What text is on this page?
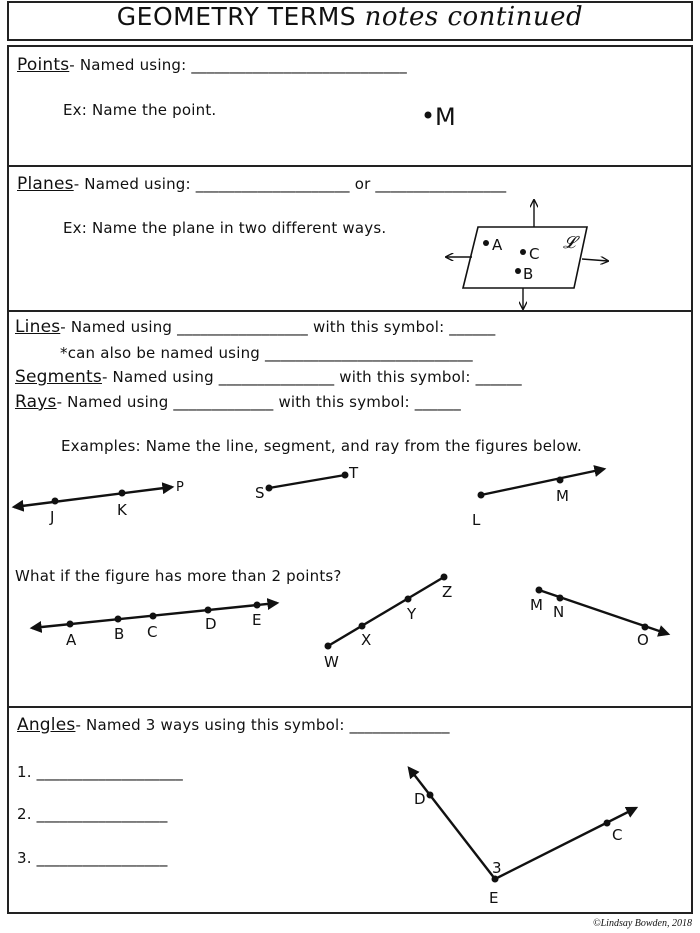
GEOMETRY TERMS notes continued
Points- Named using: ____________________________
Ex: Name the point.
Planes- Named using: ____________________ or _________________
Ex: Name the plane in two different ways.
Lines- Named using _________________ with this symbol: ______
*can also be named using ___________________________
Segments- Named using _______________ with this symbol: ______
Rays- Named using _____________ with this symbol: ______
Examples: Name the line, segment, and ray from the figures below.
What if the figure has more than 2 points?
Angles- Named 3 ways using this symbol: _____________
1. ___________________
2. _________________
3. _________________
M
A C
B
𝓛
J	K
P	S
T
L
M
A	B C	D E
W
X
Y
Z
M N
O
D
E
C
3
©Lindsay Bowden, 2018
